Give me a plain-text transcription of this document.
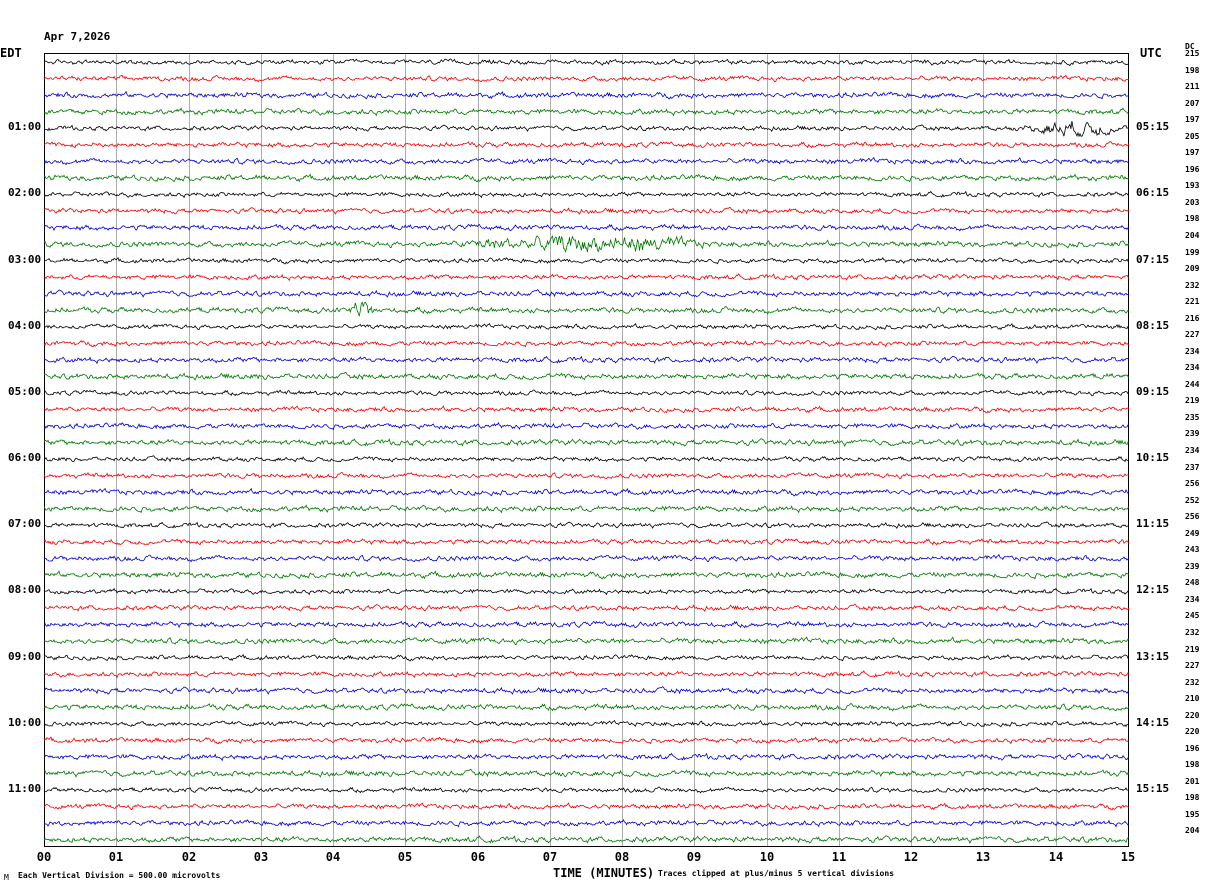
Apr 7,2026

EDT	UTC	DC
01:00
02:00
03:00
04:00
05:00
06:00
07:00
08:00
09:00
10:00
11:00
05:15
06:15
07:15
08:15
09:15
10:15
11:15
12:15
13:15
14:15
15:15
215
198
211
207
197
205
197
196
193
203
198
204
199
209
232
221
216
227
234
234
244
219
235
239
234
237
256
252
256
249
243
239
248
234
245
232
219
227
232
210
220
220
196
198
201
198
195
204
00	01	02	03	04	05	06	07	08	09	10	11	12	13	14	15
TIME (MINUTES)
M Each Vertical Division = 500.00 microvolts	Traces clipped at plus/minus 5 vertical divisions
